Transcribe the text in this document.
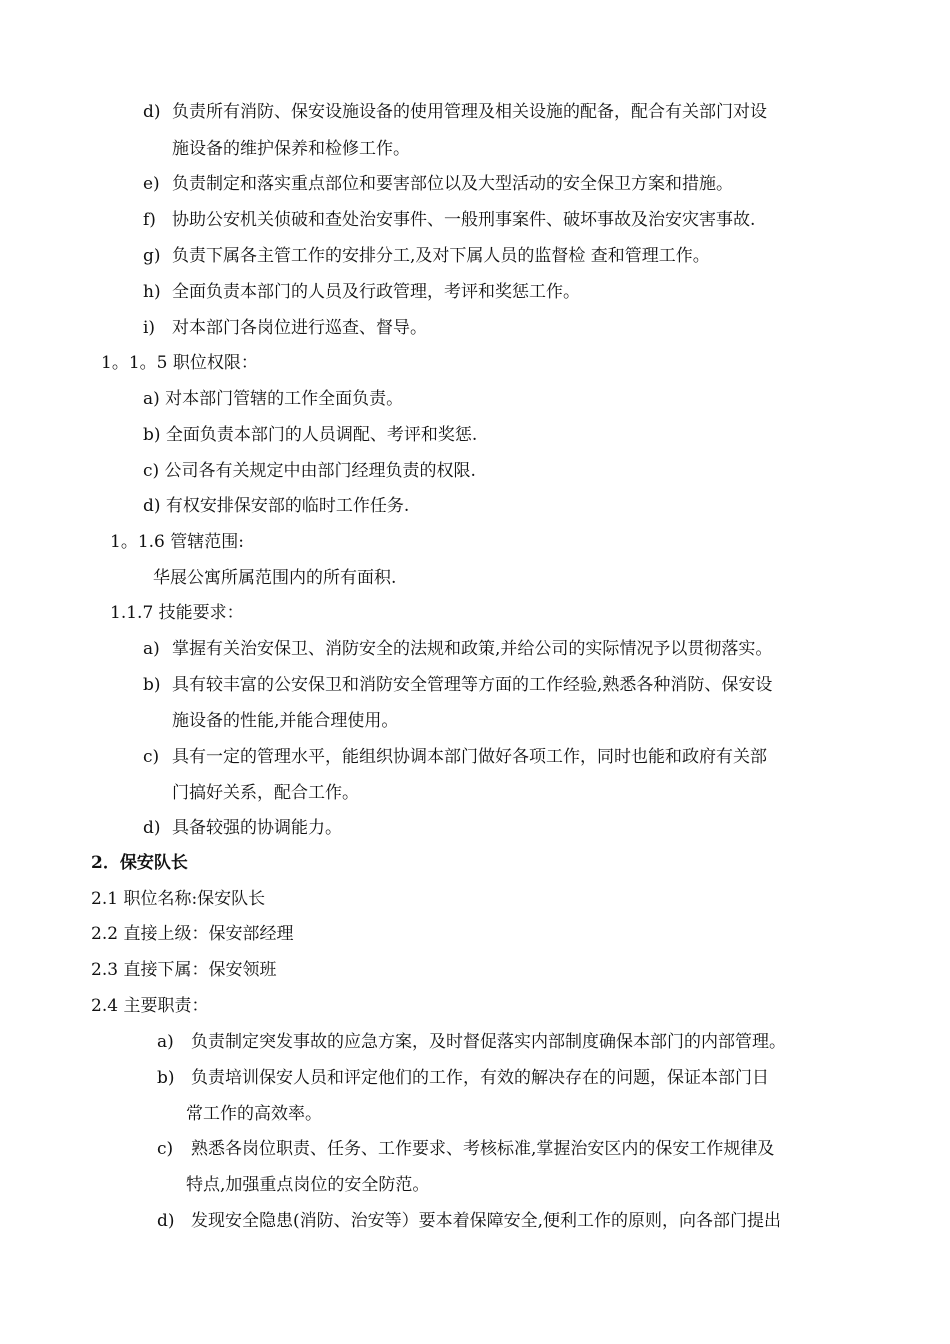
d) 负责所有消防、保安设施设备的使用管理及相关设施的配备，配合有关部门对设
施设备的维护保养和检修工作。
e) 负责制定和落实重点部位和要害部位以及大型活动的安全保卫方案和措施。
f) 协助公安机关侦破和查处治安事件、一般刑事案件、破坏事故及治安灾害事故.
g) 负责下属各主管工作的安排分工,及对下属人员的监督检 查和管理工作。
h) 全面负责本部门的人员及行政管理，考评和奖惩工作。
i) 对本部门各岗位进行巡查、督导。
1。1。5 职位权限：
a) 对本部门管辖的工作全面负责。
b) 全面负责本部门的人员调配、考评和奖惩.
c) 公司各有关规定中由部门经理负责的权限.
d) 有权安排保安部的临时工作任务.
1。1.6 管辖范围:
华展公寓所属范围内的所有面积.
1.1.7 技能要求：
a) 掌握有关治安保卫、消防安全的法规和政策,并给公司的实际情况予以贯彻落实。
b) 具有较丰富的公安保卫和消防安全管理等方面的工作经验,熟悉各种消防、保安设
施设备的性能,并能合理使用。
c) 具有一定的管理水平，能组织协调本部门做好各项工作，同时也能和政府有关部
门搞好关系，配合工作。
d) 具备较强的协调能力。
2．保安队长
2.1 职位名称:保安队长
2.2 直接上级：保安部经理
2.3 直接下属：保安领班
2.4 主要职责：
a) 负责制定突发事故的应急方案，及时督促落实内部制度确保本部门的内部管理。
b) 负责培训保安人员和评定他们的工作，有效的解决存在的问题，保证本部门日
常工作的高效率。
c) 熟悉各岗位职责、任务、工作要求、考核标准,掌握治安区内的保安工作规律及
特点,加强重点岗位的安全防范。
d) 发现安全隐患(消防、治安等）要本着保障安全,便利工作的原则，向各部门提出
